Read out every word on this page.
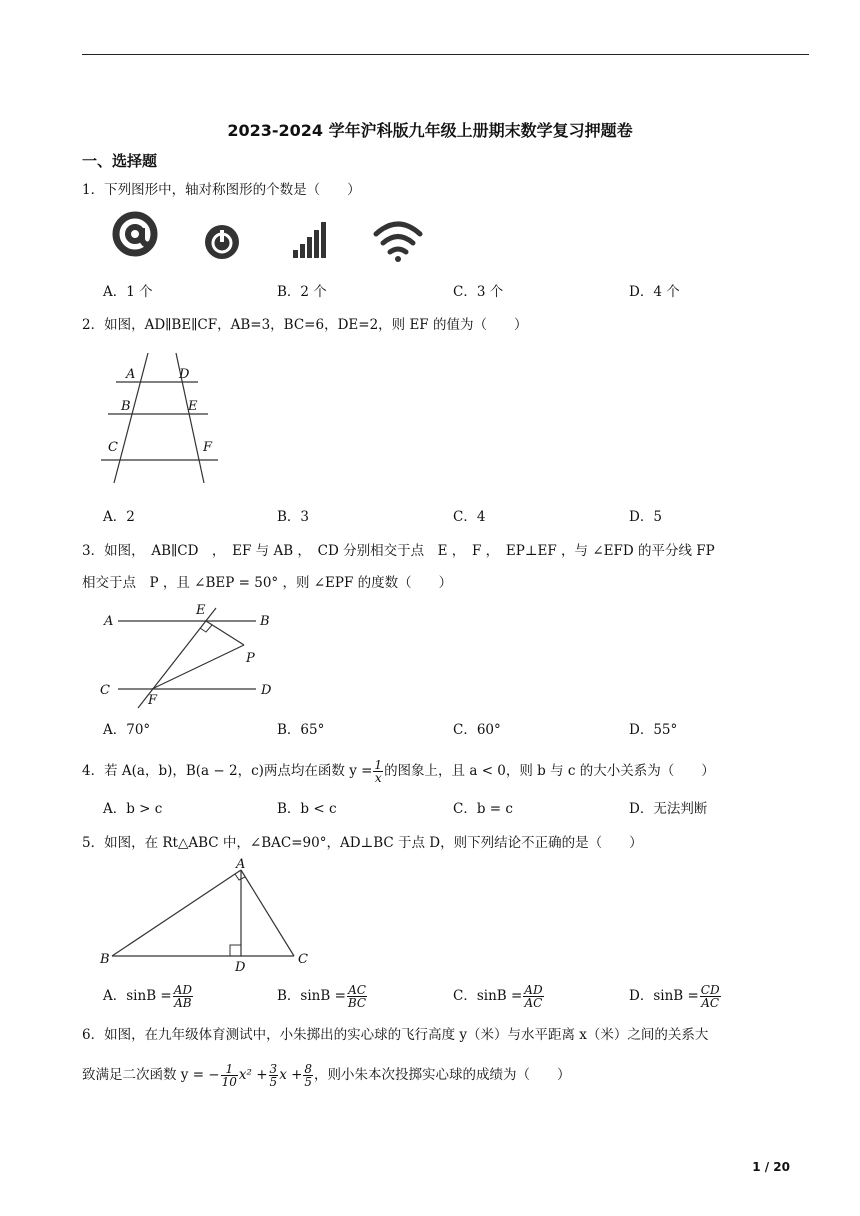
2023-2024 学年沪科版九年级上册期末数学复习押题卷
一、选择题
1．下列图形中，轴对称图形的个数是（　　）
A．1 个	B．2 个	C．3 个	D．4 个
2．如图，AD∥BE∥CF，AB=3，BC=6，DE=2，则 EF 的值为（　　）
A	D
B	E
C	F
A．2	B．3	C．4	D．5
3．如图，　AB∥CD　，　EF 与 AB ，　CD 分别相交于点　E ，　F ，　EP⊥EF ，与 ∠EFD 的平分线 FP
相交于点　P ，且 ∠BEP = 50° ，则 ∠EPF 的度数（　　）
A
E
B
P
C
F
D
A．70°	B．65°	C．60°	D．55°
4．若 A(a，b)，B(a − 2，c)两点均在函数 $y = \frac{1}{x}$ 的图象上，且 a < 0，则 b 与 c 的大小关系为（　　）
A．b > c	B．b < c	C．b = c	D．无法判断
5．如图，在 Rt△ABC 中，∠BAC=90°，AD⊥BC 于点 D，则下列结论不正确的是（　　）
A
B
D
C
A．$\sin B = \frac{AD}{AB}$	B．$\sin B = \frac{AC}{BC}$	C．$\sin B = \frac{AD}{AC}$	D．$\sin B = \frac{CD}{AC}$
6．如图，在九年级体育测试中，小朱掷出的实心球的飞行高度 y（米）与水平距离 x（米）之间的关系大
致满足二次函数 y = − $\frac{1}{10} x^2 + \frac{3}{5}$ $x + \frac{8}{5}$ ，则小朱本次投掷实心球的成绩为（　　）
1 / 20
